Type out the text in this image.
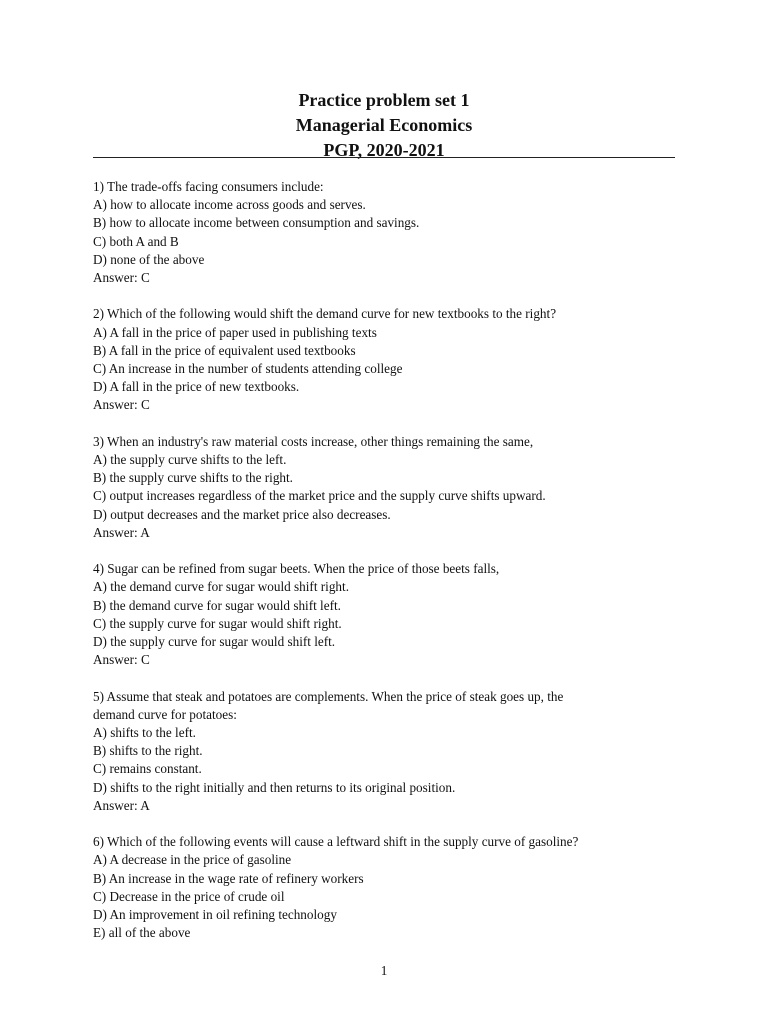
Practice problem set 1
Managerial Economics
PGP, 2020-2021
1) The trade-offs facing consumers include:
A) how to allocate income across goods and serves.
B) how to allocate income between consumption and savings.
C) both A and B
D) none of the above
Answer: C
2) Which of the following would shift the demand curve for new textbooks to the right?
A) A fall in the price of paper used in publishing texts
B) A fall in the price of equivalent used textbooks
C) An increase in the number of students attending college
D) A fall in the price of new textbooks.
Answer: C
3) When an industry's raw material costs increase, other things remaining the same,
A) the supply curve shifts to the left.
B) the supply curve shifts to the right.
C) output increases regardless of the market price and the supply curve shifts upward.
D) output decreases and the market price also decreases.
Answer: A
4) Sugar can be refined from sugar beets. When the price of those beets falls,
A) the demand curve for sugar would shift right.
B) the demand curve for sugar would shift left.
C) the supply curve for sugar would shift right.
D) the supply curve for sugar would shift left.
Answer: C
5) Assume that steak and potatoes are complements. When the price of steak goes up, the
demand curve for potatoes:
A) shifts to the left.
B) shifts to the right.
C) remains constant.
D) shifts to the right initially and then returns to its original position.
Answer: A
6) Which of the following events will cause a leftward shift in the supply curve of gasoline?
A) A decrease in the price of gasoline
B) An increase in the wage rate of refinery workers
C) Decrease in the price of crude oil
D) An improvement in oil refining technology
E) all of the above
1
